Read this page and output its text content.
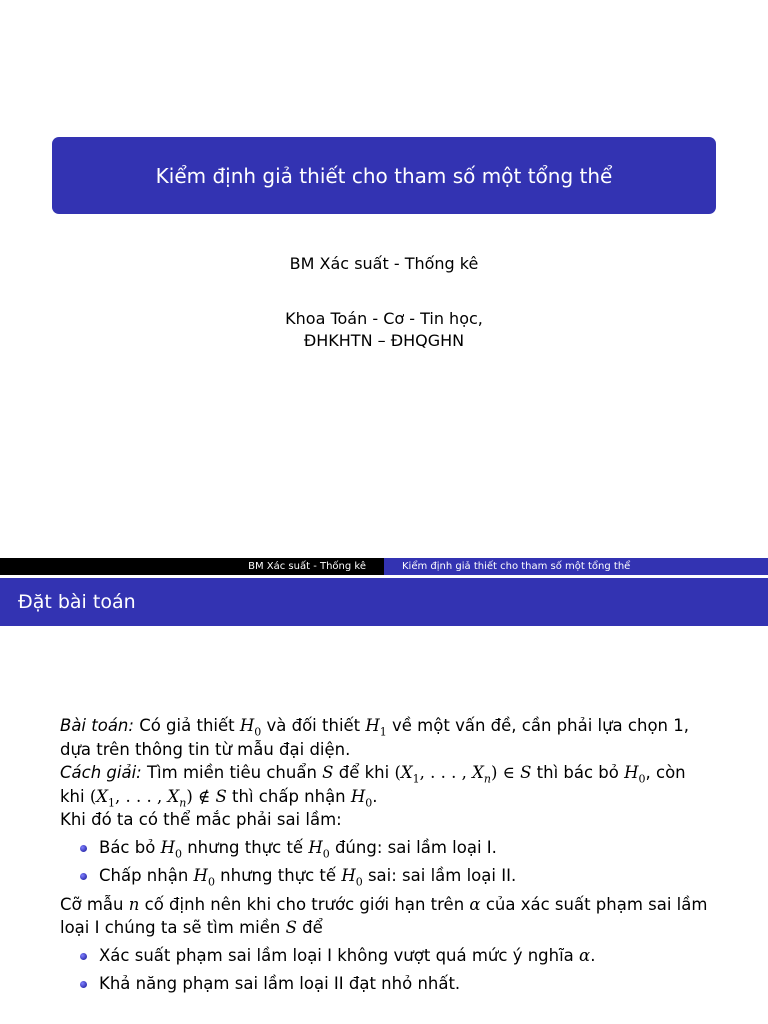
Kiểm định giả thiết cho tham số một tổng thể
BM Xác suất - Thống kê
Khoa Toán - Cơ - Tin học,
ĐHKHTN – ĐHQGHN
BM Xác suất - Thống kê	Kiểm định giả thiết cho tham số một tổng thể
Đặt bài toán

Bài toán: Có giả thiết $H_0$ và đối thiết $H_1$ về một vấn đề, cần phải lựa chọn 1,
dựa trên thông tin từ mẫu đại diện.

Cách giải: Tìm miền tiêu chuẩn S để khi ($X_1$, . . . , $X_n$) ∈ S thì bác bỏ $H_0$, còn
khi ($X_1$, . . . , $X_n$) ∉ S thì chấp nhận $H_0$.

Khi đó ta có thể mắc phải sai lầm:

Bác bỏ $H_0$ nhưng thực tế $H_0$ đúng: sai lầm loại I.
Chấp nhận $H_0$ nhưng thực tế $H_0$ sai: sai lầm loại II.

Cỡ mẫu n cố định nên khi cho trước giới hạn trên α của xác suất phạm sai lầm
loại I chúng ta sẽ tìm miền S để

Xác suất phạm sai lầm loại I không vượt quá mức ý nghĩa α.
Khả năng phạm sai lầm loại II đạt nhỏ nhất.
